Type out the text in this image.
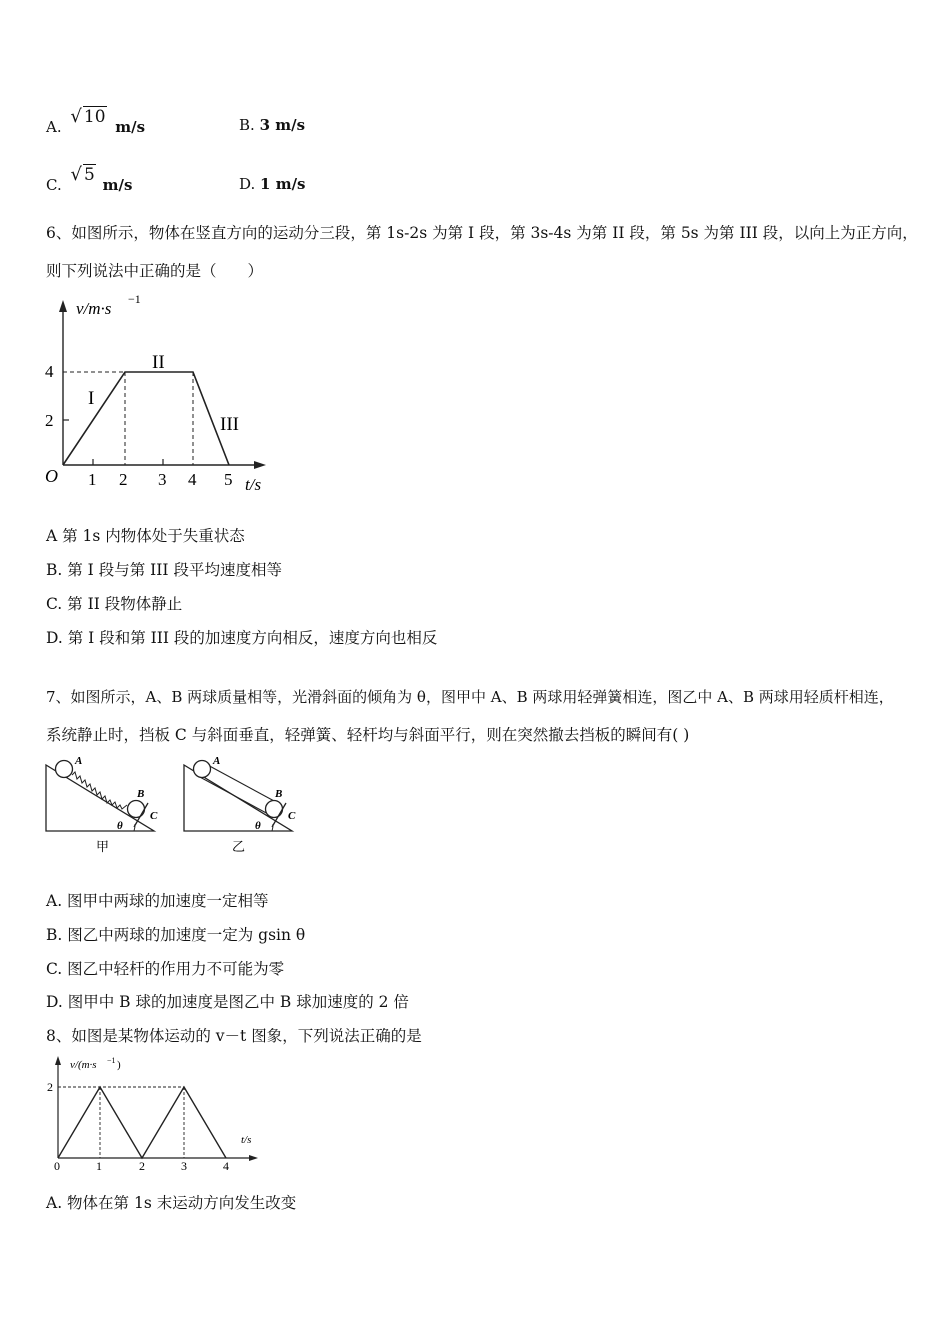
A. √ 10 m/s	B. 3 m/s
C. √ 5 m/s	D. 1 m/s
6、如图所示，物体在竖直方向的运动分三段，第 1s-2s 为第 I 段，第 3s-4s 为第 II 段，第 5s 为第 III 段，以向上为正方向，
则下列说法中正确的是（　　）
v/m·s −1
t/s
O
4
2
1 2 3 4 5
I
II
III
A 第 1s 内物体处于失重状态
B. 第 I 段与第 III 段平均速度相等
C. 第 II 段物体静止
D. 第 I 段和第 III 段的加速度方向相反，速度方向也相反
7、如图所示，A、B 两球质量相等，光滑斜面的倾角为 θ，图甲中 A、B 两球用轻弹簧相连，图乙中 A、B 两球用轻质杆相连，
系统静止时，挡板 C 与斜面垂直，轻弹簧、轻杆均与斜面平行，则在突然撤去挡板的瞬间有( )
A
B
C
θ
甲
A
B
C
θ
乙
A. 图甲中两球的加速度一定相等
B. 图乙中两球的加速度一定为 gsin θ
C. 图乙中轻杆的作用力不可能为零
D. 图甲中 B 球的加速度是图乙中 B 球加速度的 2 倍
8、如图是某物体运动的 v－t 图象，下列说法正确的是
v/(m·s −1 )
t/s
2
0	1	2	3	4
A. 物体在第 1s 末运动方向发生改变
